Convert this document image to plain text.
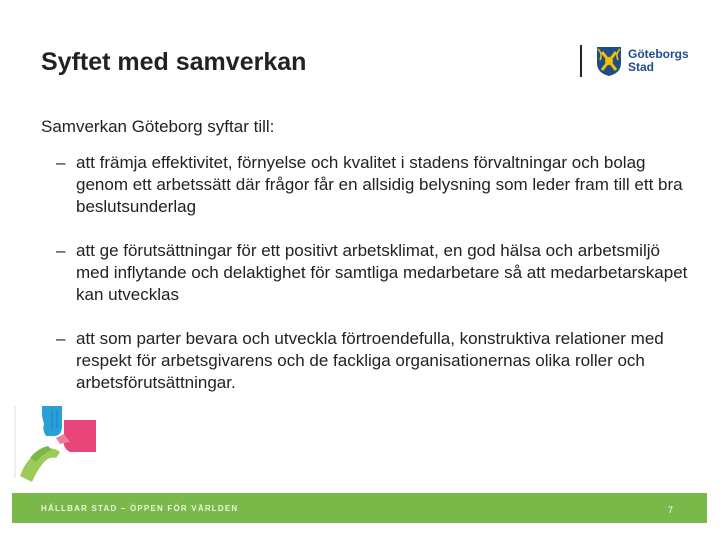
Syftet med samverkan	Göteborgs
Stad
Samverkan Göteborg syftar till:
– att främja effektivitet, förnyelse och kvalitet i stadens förvaltningar och bolag genom ett arbetssätt där frågor får en allsidig belysning som leder fram till ett bra beslutsunderlag
– att ge förutsättningar för ett positivt arbetsklimat, en god hälsa och arbetsmiljö med inflytande och delaktighet för samtliga medarbetare så att medarbetarskapet kan utvecklas
– att som parter bevara och utveckla förtroendefulla, konstruktiva relationer med respekt för arbetsgivarens och de fackliga organisationernas olika roller och arbetsförutsättningar.
HÅLLBAR STAD – ÖPPEN FÖR VÄRLDEN	7
